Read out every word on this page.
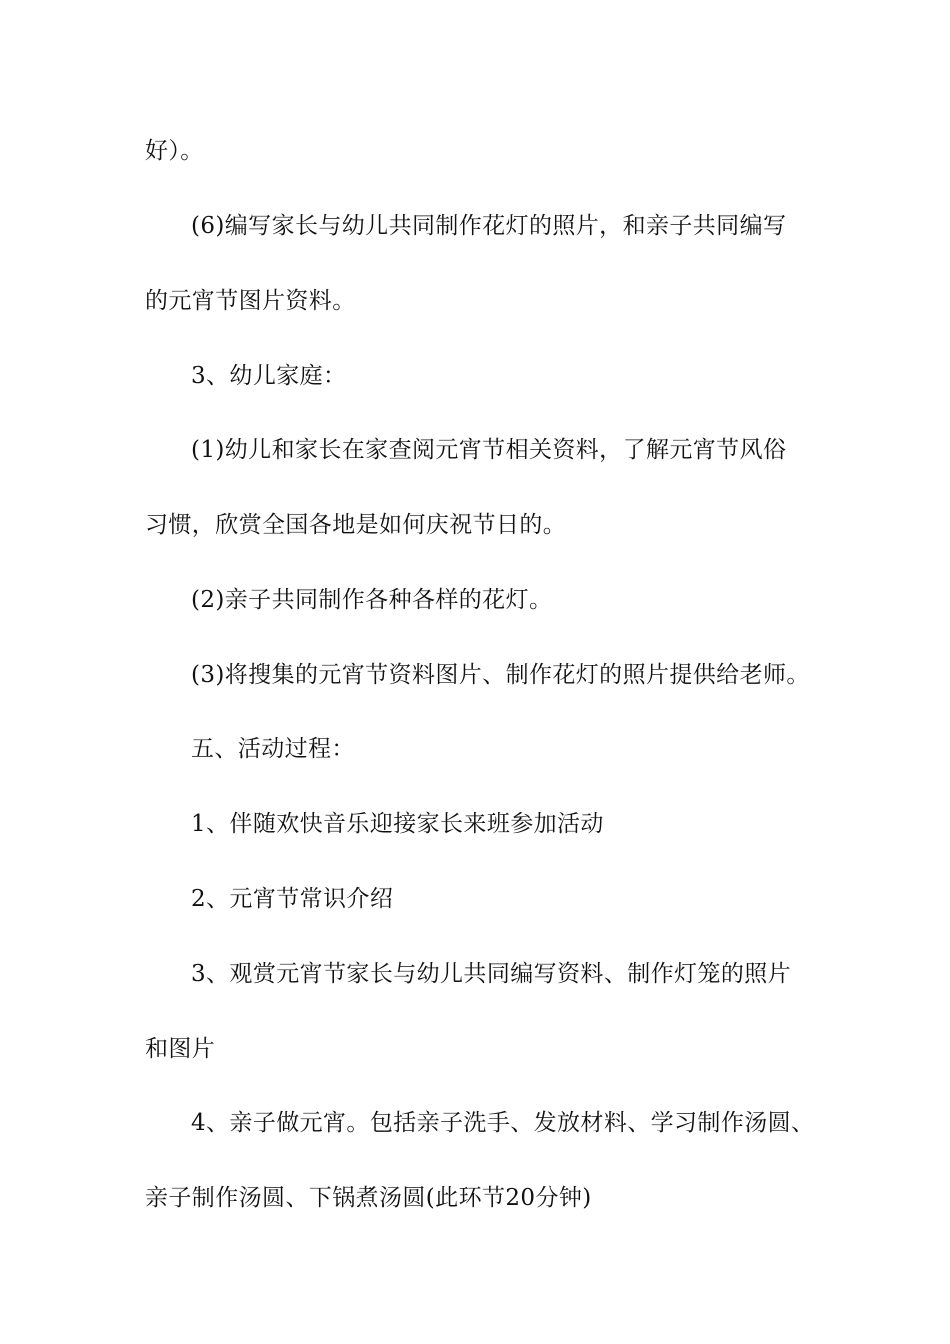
好）。

(6)编写家长与幼儿共同制作花灯的照片，和亲子共同编写

的元宵节图片资料。

3、幼儿家庭：

(1)幼儿和家长在家查阅元宵节相关资料，了解元宵节风俗

习惯，欣赏全国各地是如何庆祝节日的。

(2)亲子共同制作各种各样的花灯。

(3)将搜集的元宵节资料图片、制作花灯的照片提供给老师。

五、活动过程：

1、伴随欢快音乐迎接家长来班参加活动

2、元宵节常识介绍

3、观赏元宵节家长与幼儿共同编写资料、制作灯笼的照片

和图片

4、亲子做元宵。包括亲子洗手、发放材料、学习制作汤圆、

亲子制作汤圆、下锅煮汤圆(此环节20分钟)
